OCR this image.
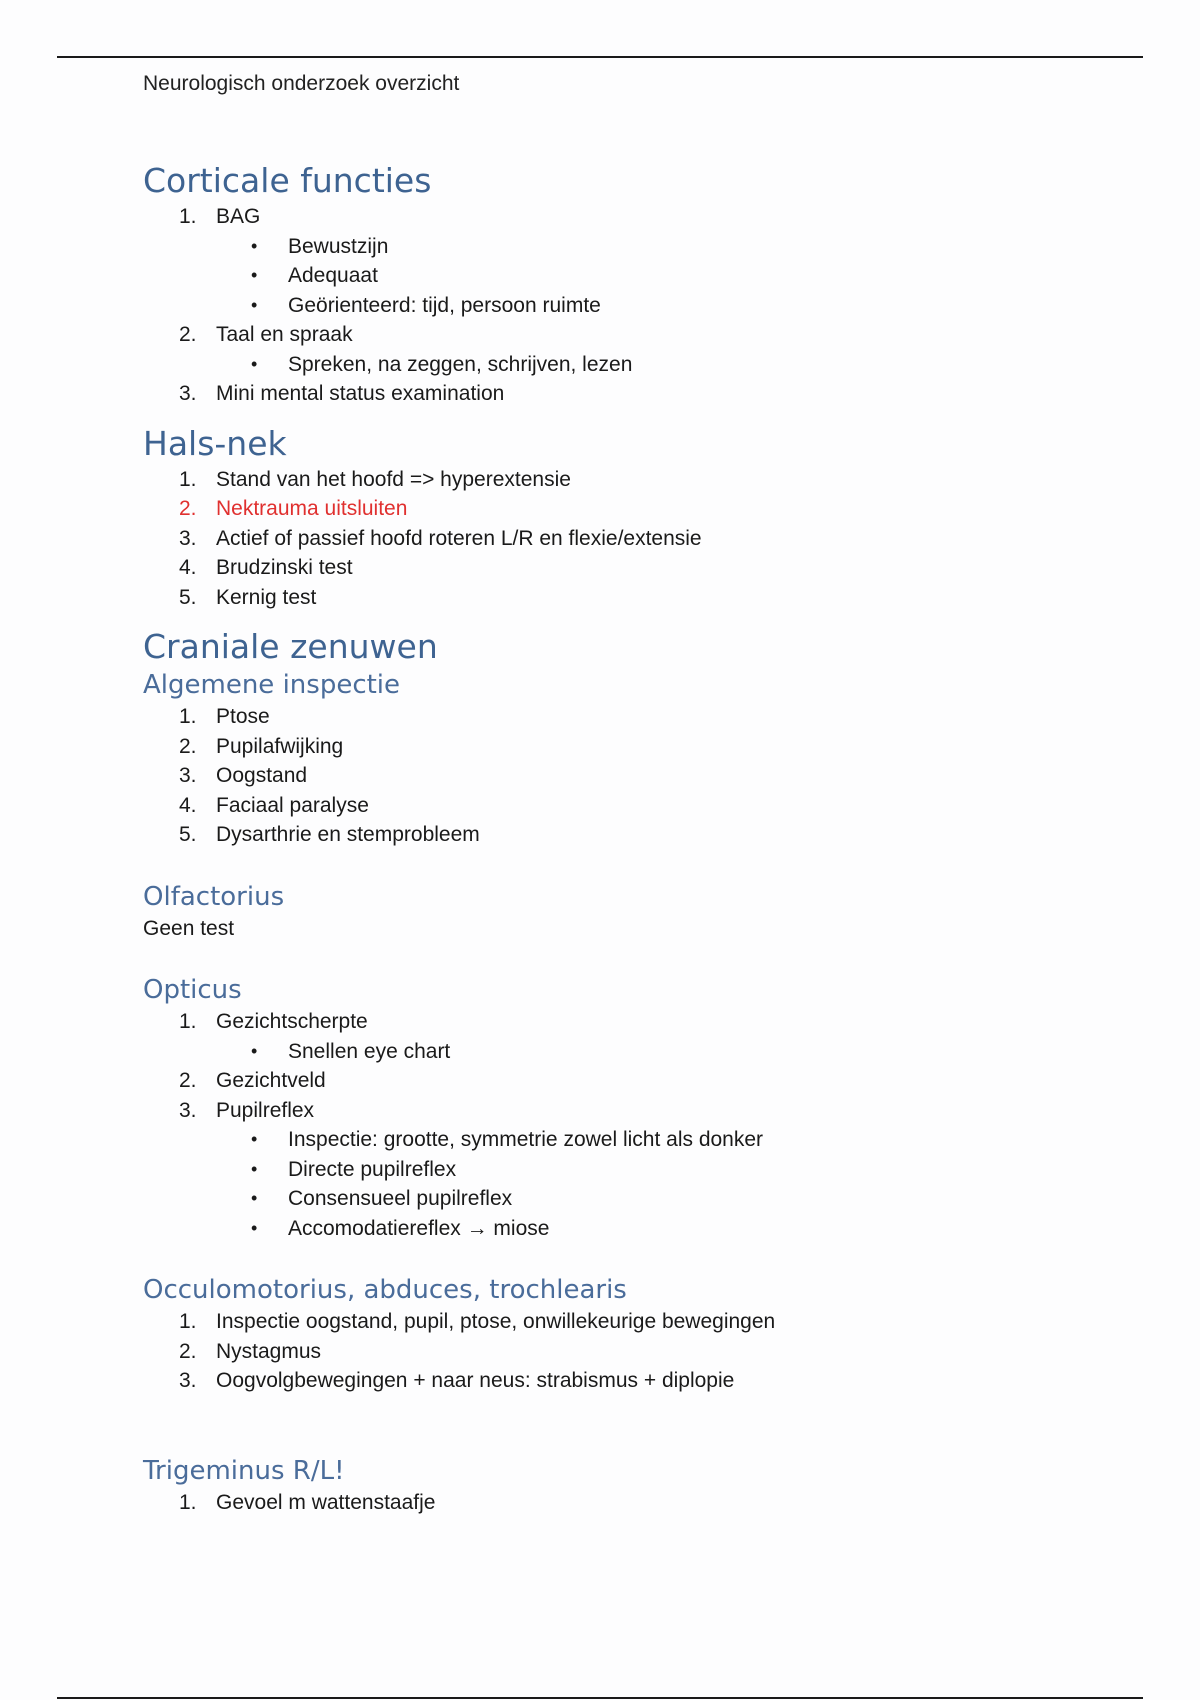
Neurologisch onderzoek overzicht
Corticale functies
1. BAG
• Bewustzijn
• Adequaat
• Geörienteerd: tijd, persoon ruimte
2. Taal en spraak
• Spreken, na zeggen, schrijven, lezen
3. Mini mental status examination
Hals-nek
1. Stand van het hoofd => hyperextensie
2. Nektrauma uitsluiten
3. Actief of passief hoofd roteren L/R en flexie/extensie
4. Brudzinski test
5. Kernig test
Craniale zenuwen
Algemene inspectie
1. Ptose
2. Pupilafwijking
3. Oogstand
4. Faciaal paralyse
5. Dysarthrie en stemprobleem
Olfactorius
Geen test
Opticus
1. Gezichtscherpte
• Snellen eye chart
2. Gezichtveld
3. Pupilreflex
• Inspectie: grootte, symmetrie zowel licht als donker
• Directe pupilreflex
• Consensueel pupilreflex
• Accomodatiereflex → miose
Occulomotorius, abduces, trochlearis
1. Inspectie oogstand, pupil, ptose, onwillekeurige bewegingen
2. Nystagmus
3. Oogvolgbewegingen + naar neus: strabismus + diplopie
Trigeminus R/L!
1. Gevoel m wattenstaafje
